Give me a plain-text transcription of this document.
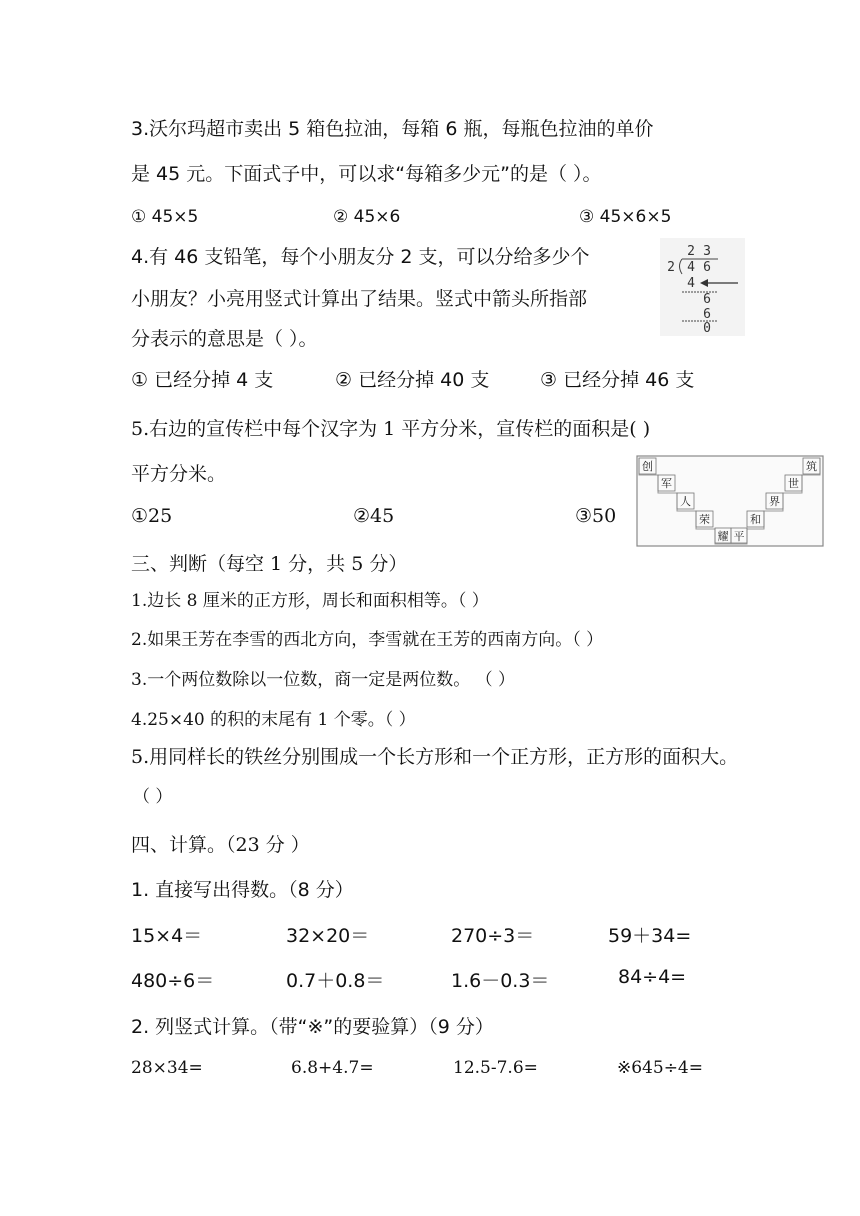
3.沃尔玛超市卖出 5 箱色拉油，每箱 6 瓶，每瓶色拉油的单价
是 45 元。下面式子中，可以求“每箱多少元”的是（ ）。
① 45×5	② 45×6	③ 45×6×5
4.有 46 支铅笔，每个小朋友分 2 支，可以分给多少个
小朋友？小亮用竖式计算出了结果。竖式中箭头所指部
分表示的意思是（ ）。
① 已经分掉 4 支	② 已经分掉 40 支	③ 已经分掉 46 支
2 3
2 4 6
4
6
6
0
5.右边的宣传栏中每个汉字为 1 平方分米，宣传栏的面积是( )
平方分米。
①25	②45	③50
创
军
人
荣
耀 平
和
界
世
筑
三、判断（每空 1 分，共 5 分）
1.边长 8 厘米的正方形，周长和面积相等。（ ）
2.如果王芳在李雪的西北方向，李雪就在王芳的西南方向。（ ）
3.一个两位数除以一位数，商一定是两位数。 （ ）
4.25×40 的积的末尾有 1 个零。（ ）
5.用同样长的铁丝分别围成一个长方形和一个正方形，正方形的面积大。
（ ）
四、计算。（23 分 ）
1. 直接写出得数。（8 分）
15×4＝	32×20＝	270÷3＝	59＋34=
480÷6＝	0.7＋0.8＝	1.6－0.3＝	84÷4=
2. 列竖式计算。（带“※”的要验算）（9 分）
28×34=	6.8+4.7=	12.5-7.6=	※645÷4=
